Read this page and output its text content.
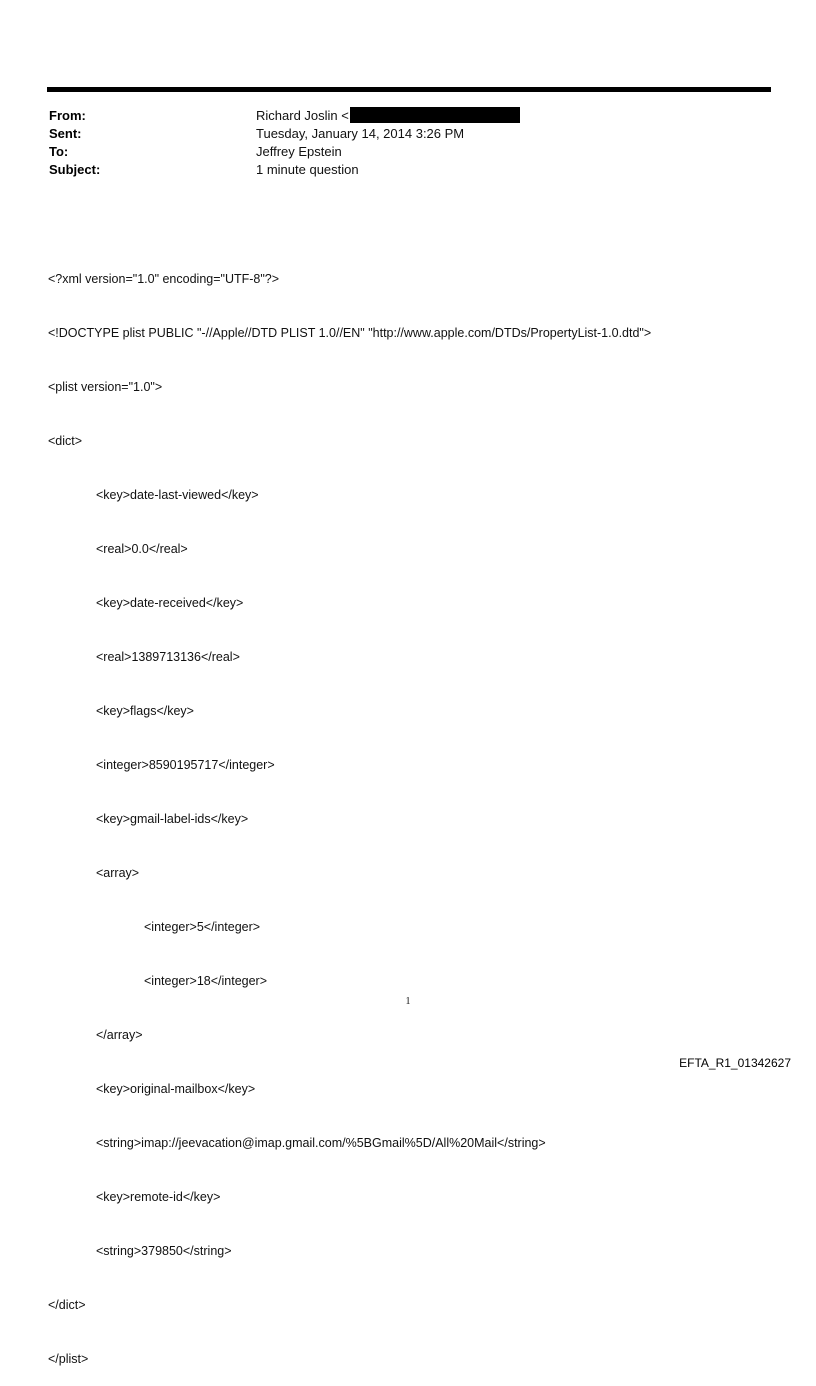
From:	Richard Joslin <
Sent:	Tuesday, January 14, 2014 3:26 PM
To:	Jeffrey Epstein
Subject:	1 minute question

<?xml version="1.0" encoding="UTF-8"?>

<!DOCTYPE plist PUBLIC "-//Apple//DTD PLIST 1.0//EN" "http://www.apple.com/DTDs/PropertyList-1.0.dtd">

<plist version="1.0">

<dict>

<key>date-last-viewed</key>

<real>0.0</real>

<key>date-received</key>

<real>1389713136</real>

<key>flags</key>

<integer>8590195717</integer>

<key>gmail-label-ids</key>

<array>

<integer>5</integer>

<integer>18</integer>

</array>

<key>original-mailbox</key>

<string>imap://jeevacation@imap.gmail.com/%5BGmail%5D/All%20Mail</string>

<key>remote-id</key>

<string>379850</string>

</dict>

</plist>

1
EFTA_R1_01342627
